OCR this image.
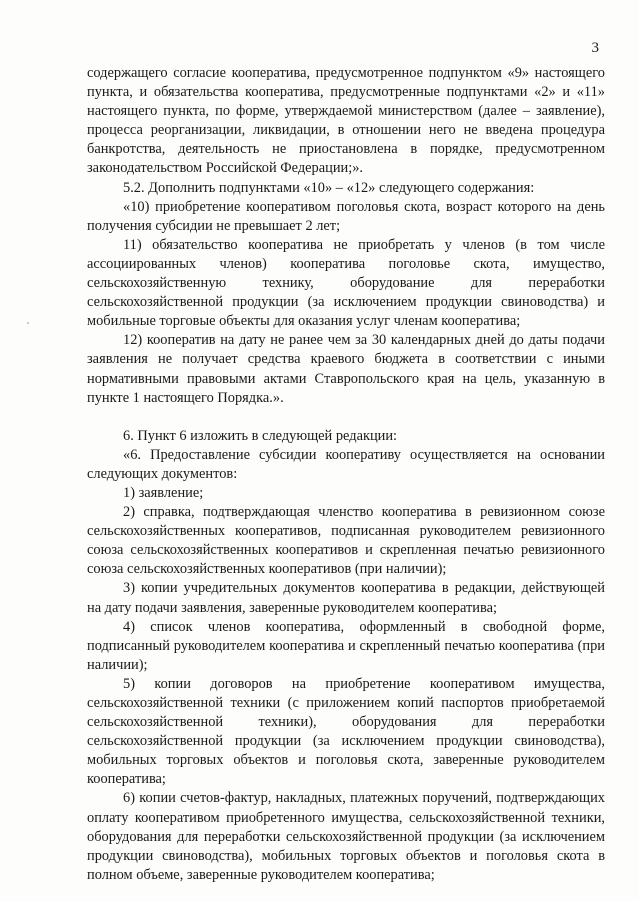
3

содержащего согласие кооператива, предусмотренное подпунктом «9» настоящего пункта, и обязательства кооператива, предусмотренные подпунктами «2» и «11» настоящего пункта, по форме, утверждаемой министерством (далее – заявление), процесса реорганизации, ликвидации, в отношении него не введена процедура банкротства, деятельность не приостановлена в порядке, предусмотренном законодательством Российской Федерации;».

5.2. Дополнить подпунктами «10» – «12» следующего содержания:

«10) приобретение кооперативом поголовья скота, возраст которого на день получения субсидии не превышает 2 лет;

11) обязательство кооператива не приобретать у членов (в том числе ассоциированных членов) кооператива поголовье скота, имущество, сельскохозяйственную технику, оборудование для переработки сельскохозяйственной продукции (за исключением продукции свиноводства) и мобильные торговые объекты для оказания услуг членам кооператива;

12) кооператив на дату не ранее чем за 30 календарных дней до даты подачи заявления не получает средства краевого бюджета в соответствии с иными нормативными правовыми актами Ставропольского края на цель, указанную в пункте 1 настоящего Порядка.».

6. Пункт 6 изложить в следующей редакции:

«6. Предоставление субсидии кооперативу осуществляется на основании следующих документов:

1) заявление;

2) справка, подтверждающая членство кооператива в ревизионном союзе сельскохозяйственных кооперативов, подписанная руководителем ревизионного союза сельскохозяйственных кооперативов и скрепленная печатью ревизионного союза сельскохозяйственных кооперативов (при наличии);

3) копии учредительных документов кооператива в редакции, действующей на дату подачи заявления, заверенные руководителем кооператива;

4) список членов кооператива, оформленный в свободной форме, подписанный руководителем кооператива и скрепленный печатью кооператива (при наличии);

5) копии договоров на приобретение кооперативом имущества, сельскохозяйственной техники (с приложением копий паспортов приобретаемой сельскохозяйственной техники), оборудования для переработки сельскохозяйственной продукции (за исключением продукции свиноводства), мобильных торговых объектов и поголовья скота, заверенные руководителем кооператива;

6) копии счетов-фактур, накладных, платежных поручений, подтверждающих оплату кооперативом приобретенного имущества, сельскохозяйственной техники, оборудования для переработки сельскохозяйственной продукции (за исключением продукции свиноводства), мобильных торговых объектов и поголовья скота в полном объеме, заверенные руководителем кооператива;
